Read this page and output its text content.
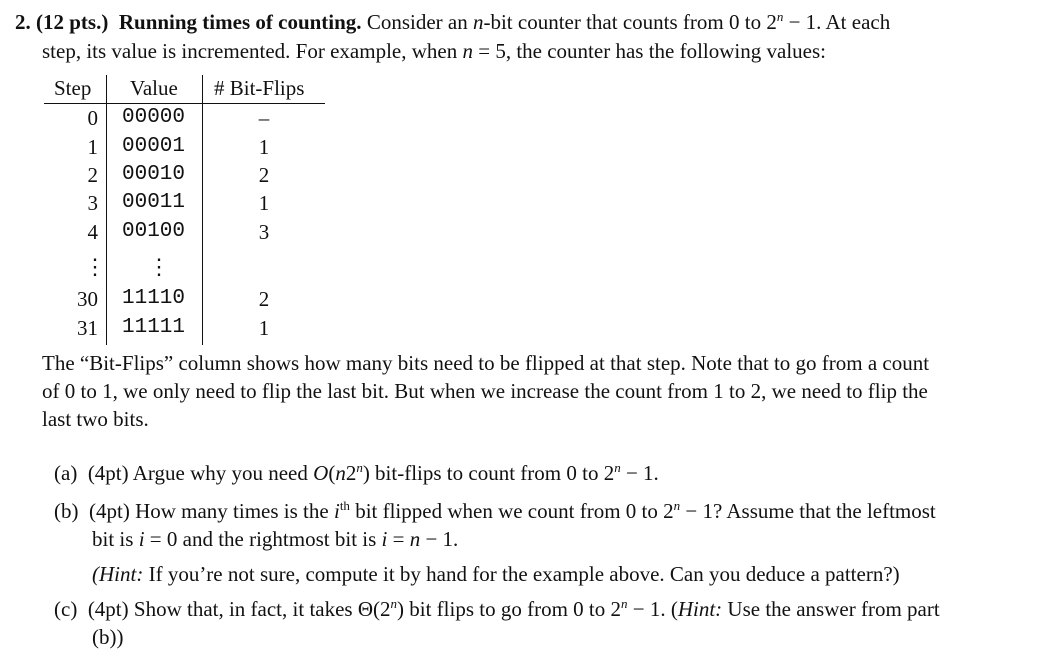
2. (12 pts.) Running times of counting. Consider an n-bit counter that counts from 0 to $2^n - 1$. At each
step, its value is incremented. For example, when n = 5, the counter has the following values:
Step Value # Bit-Flips
0 00000	–
1 00001	1
2 00010	2
3 00011	1
4 00100	3
⋮ ⋮
30 11110	2
31 11111	1
The “Bit-Flips” column shows how many bits need to be flipped at that step. Note that to go from a count
of 0 to 1, we only need to flip the last bit. But when we increase the count from 1 to 2, we need to flip the
last two bits.
(a) (4pt) Argue why you need O(n2$^n$) bit-flips to count from 0 to $2^n - 1$.
(b) (4pt) How many times is the $i^{th}$ bit flipped when we count from 0 to $2^n - 1$? Assume that the leftmost
bit is i = 0 and the rightmost bit is i = n − 1.
(Hint: If you’re not sure, compute it by hand for the example above. Can you deduce a pattern?)
(c) (4pt) Show that, in fact, it takes Θ(2$^n$) bit flips to go from 0 to $2^n - 1$. (Hint: Use the answer from part
(b))
